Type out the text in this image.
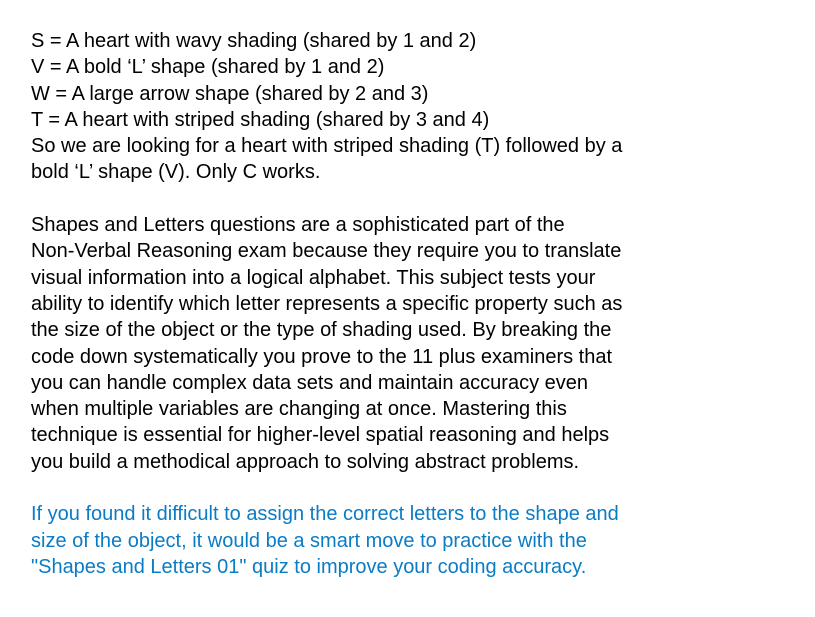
S = A heart with wavy shading (shared by 1 and 2)
V = A bold ‘L’ shape (shared by 1 and 2)
W = A large arrow shape (shared by 2 and 3)
T = A heart with striped shading (shared by 3 and 4)
So we are looking for a heart with striped shading (T) followed by a
bold ‘L’ shape (V). Only C works.
Shapes and Letters questions are a sophisticated part of the
Non-Verbal Reasoning exam because they require you to translate
visual information into a logical alphabet. This subject tests your
ability to identify which letter represents a specific property such as
the size of the object or the type of shading used. By breaking the
code down systematically you prove to the 11 plus examiners that
you can handle complex data sets and maintain accuracy even
when multiple variables are changing at once. Mastering this
technique is essential for higher-level spatial reasoning and helps
you build a methodical approach to solving abstract problems.
If you found it difficult to assign the correct letters to the shape and
size of the object, it would be a smart move to practice with the
"Shapes and Letters 01" quiz to improve your coding accuracy.
